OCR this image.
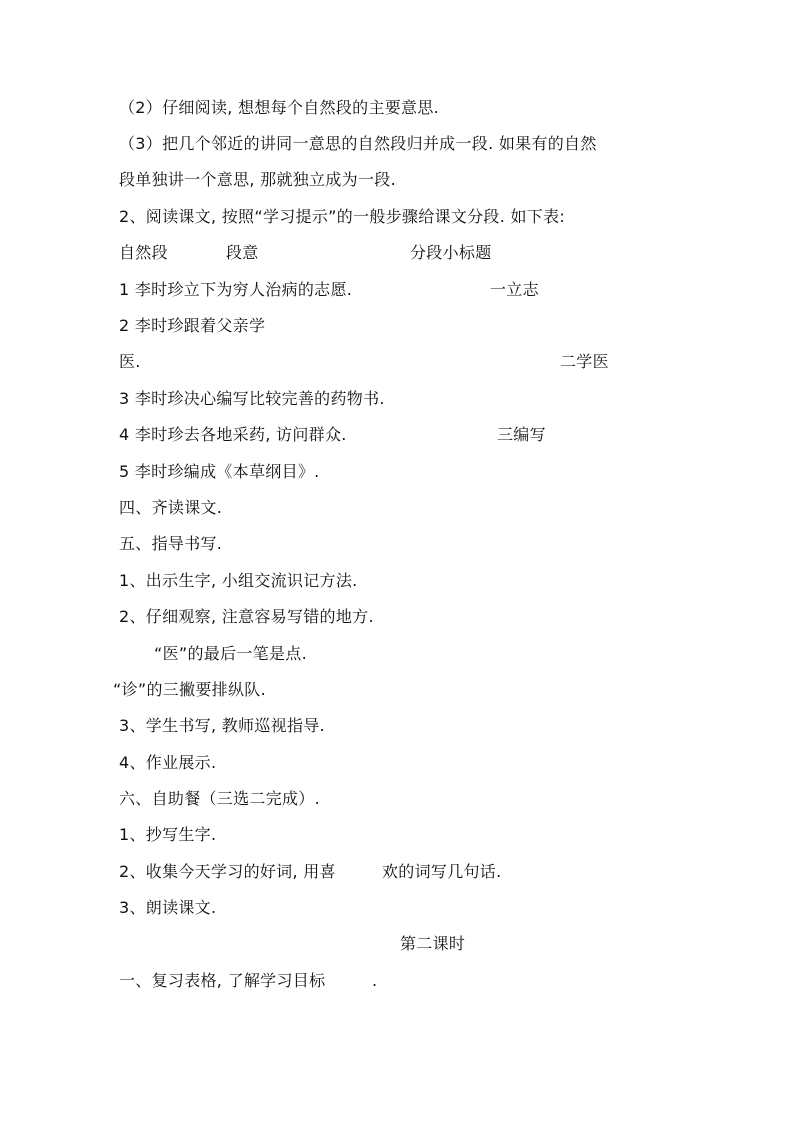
（2）仔细阅读, 想想每个自然段的主要意思.
（3）把几个邻近的讲同一意思的自然段归并成一段. 如果有的自然
段单独讲一个意思, 那就独立成为一段.
2、阅读课文, 按照“学习提示”的一般步骤给课文分段. 如下表:
自然段	段意	分段小标题
1 李时珍立下为穷人治病的志愿.	一立志
2 李时珍跟着父亲学
医.	二学医
3 李时珍决心编写比较完善的药物书.
4 李时珍去各地采药, 访问群众.	三编写
5 李时珍编成《本草纲目》.
四、齐读课文.
五、指导书写.
1、出示生字, 小组交流识记方法.
2、仔细观察, 注意容易写错的地方.
“医”的最后一笔是点.
“诊”的三撇要排纵队.
3、学生书写, 教师巡视指导.
4、作业展示.
六、自助餐（三选二完成）.
1、抄写生字.
2、收集今天学习的好词, 用喜	欢的词写几句话.
3、朗读课文.
第二课时
一、复习表格, 了解学习目标	.
